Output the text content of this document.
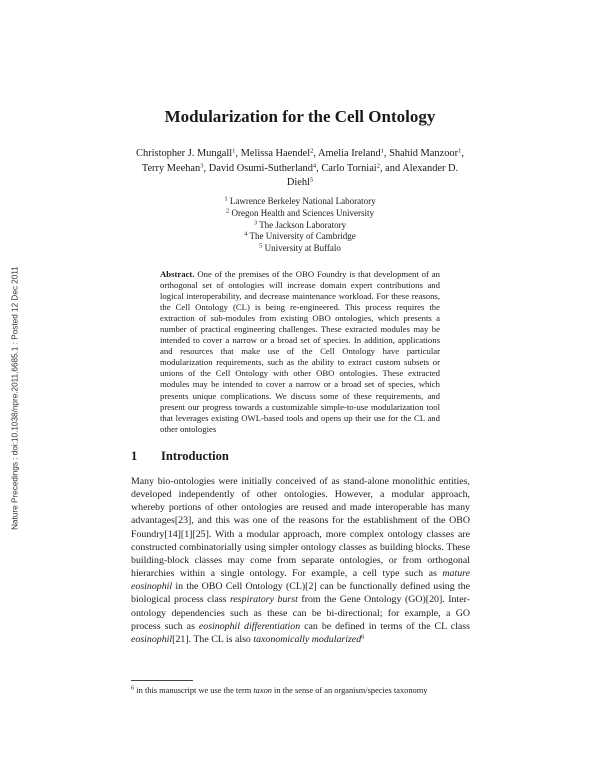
Nature Precedings : doi:10.1038/npre.2011.6685.1 : Posted 12 Dec 2011
Modularization for the Cell Ontology
Christopher J. Mungall$^1$, Melissa Haendel$^2$, Amelia Ireland$^1$, Shahid Manzoor$^1$, Terry Meehan$^3$, David Osumi-Sutherland$^4$, Carlo Torniai$^2$, and Alexander D. Diehl$^5$
$^1$ Lawrence Berkeley National Laboratory
$^2$ Oregon Health and Sciences University
$^3$ The Jackson Laboratory
$^4$ The University of Cambridge
$^5$ University at Buffalo
Abstract. One of the premises of the OBO Foundry is that development of an orthogonal set of ontologies will increase domain expert contributions and logical interoperability, and decrease maintenance workload. For these reasons, the Cell Ontology (CL) is being re-engineered. This process requires the extraction of sub-modules from existing OBO ontologies, which presents a number of practical engineering challenges. These extracted modules may be intended to cover a narrow or a broad set of species. In addition, applications and resources that make use of the Cell Ontology have particular modularization requirements, such as the ability to extract custom subsets or unions of the Cell Ontology with other OBO ontologies. These extracted modules may be intended to cover a narrow or a broad set of species, which presents unique complications. We discuss some of these requirements, and present our progress towards a customizable simple-to-use modularization tool that leverages existing OWL-based tools and opens up their use for the CL and other ontologies
1 Introduction
Many bio-ontologies were initially conceived of as stand-alone monolithic entities, developed independently of other ontologies. However, a modular approach, whereby portions of other ontologies are reused and made interoperable has many advantages[23], and this was one of the reasons for the establishment of the OBO Foundry[14][1][25]. With a modular approach, more complex ontology classes are constructed combinatorially using simpler ontology classes as building blocks. These building-block classes may come from separate ontologies, or from orthogonal hierarchies within a single ontology. For example, a cell type such as mature eosinophil in the OBO Cell Ontology (CL)[2] can be functionally defined using the biological process class respiratory burst from the Gene Ontology (GO)[20]. Inter-ontology dependencies such as these can be bi-directional; for example, a GO process such as eosinophil differentiation can be defined in terms of the CL class eosinophil[21]. The CL is also taxonomically modularized$^6$
$^6$ in this manuscript we use the term taxon in the sense of an organism/species taxonomy
